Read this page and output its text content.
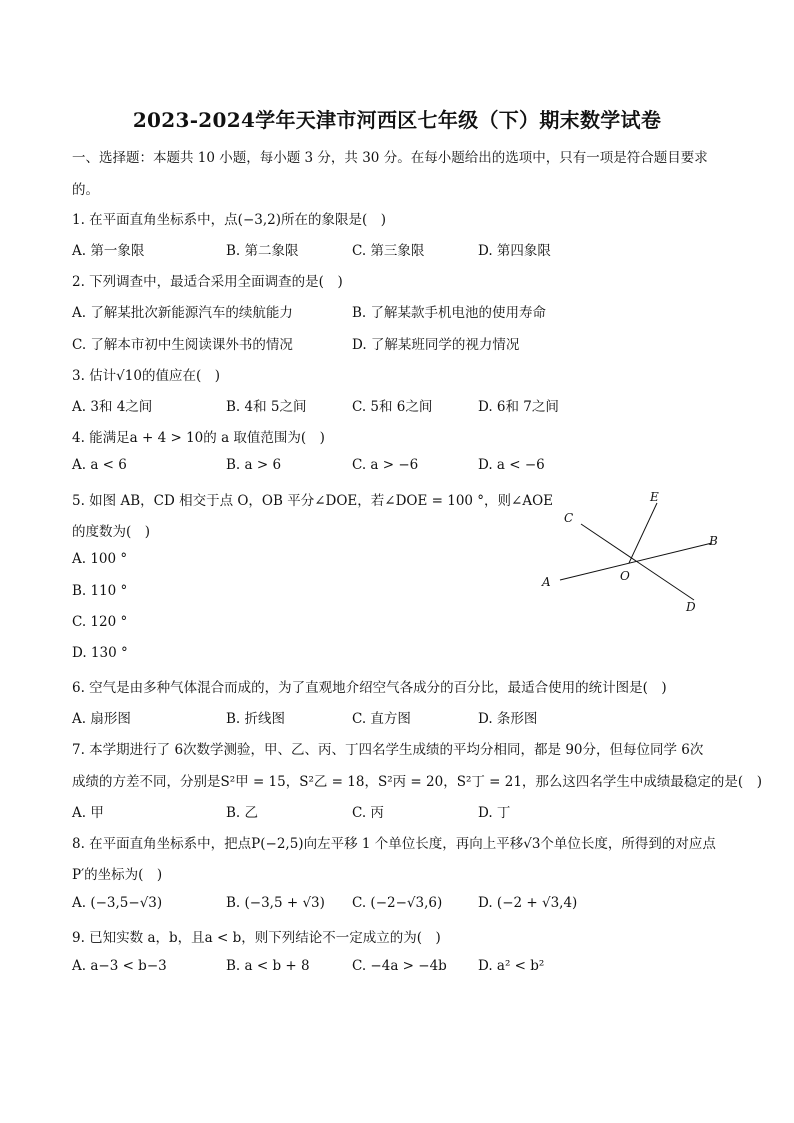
2023-2024学年天津市河西区七年级（下）期末数学试卷
一、选择题：本题共 10 小题，每小题 3 分，共 30 分。在每小题给出的选项中，只有一项是符合题目要求
的。
1. 在平面直角坐标系中，点(−3,2)所在的象限是(　)
A. 第一象限	B. 第二象限	C. 第三象限	D. 第四象限
2. 下列调查中，最适合采用全面调查的是(　)
A. 了解某批次新能源汽车的续航能力	B. 了解某款手机电池的使用寿命
C. 了解本市初中生阅读课外书的情况	D. 了解某班同学的视力情况
3. 估计√10的值应在(　)
A. 3和 4之间	B. 4和 5之间	C. 5和 6之间	D. 6和 7之间
4. 能满足a + 4 > 10的 a 取值范围为(　)
A. a < 6	B. a > 6	C. a > −6	D. a < −6
5. 如图 AB，CD 相交于点 O，OB 平分∠DOE，若∠DOE = 100 °，则∠AOE
的度数为(　)
A. 100 °
B. 110 °
C. 120 °
D. 130 °
E
C
B
A	O
D
6. 空气是由多种气体混合而成的，为了直观地介绍空气各成分的百分比，最适合使用的统计图是(　)
A. 扇形图	B. 折线图	C. 直方图	D. 条形图
7. 本学期进行了 6次数学测验，甲、乙、丙、丁四名学生成绩的平均分相同，都是 90分，但每位同学 6次
成绩的方差不同，分别是S²甲 = 15，S²乙 = 18，S²丙 = 20，S²丁 = 21，那么这四名学生中成绩最稳定的是(　)
A. 甲	B. 乙	C. 丙	D. 丁
8. 在平面直角坐标系中，把点P(−2,5)向左平移 1 个单位长度，再向上平移√3个单位长度，所得到的对应点
P′的坐标为(　)
A. (−3,5−√3)	B. (−3,5 + √3) C. (−2−√3,6)	D. (−2 + √3,4)
9. 已知实数 a，b，且a < b，则下列结论不一定成立的为(　)
A. a−3 < b−3	B. a < b + 8	C. −4a > −4b D. a² < b²
